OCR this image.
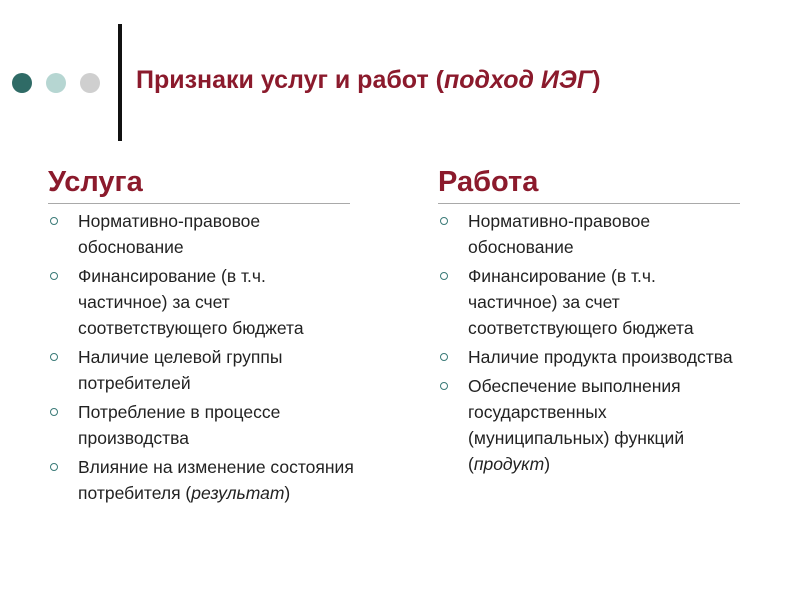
Признаки услуг и работ (подход ИЭГ)
Услуга
Нормативно-правовое обоснование
Финансирование (в т.ч. частичное) за счет соответствующего бюджета
Наличие целевой группы потребителей
Потребление в процессе производства
Влияние на изменение состояния потребителя (результат)
Работа
Нормативно-правовое обоснование
Финансирование (в т.ч. частичное) за счет соответствующего бюджета
Наличие продукта производства
Обеспечение выполнения государственных (муниципальных) функций (продукт)
